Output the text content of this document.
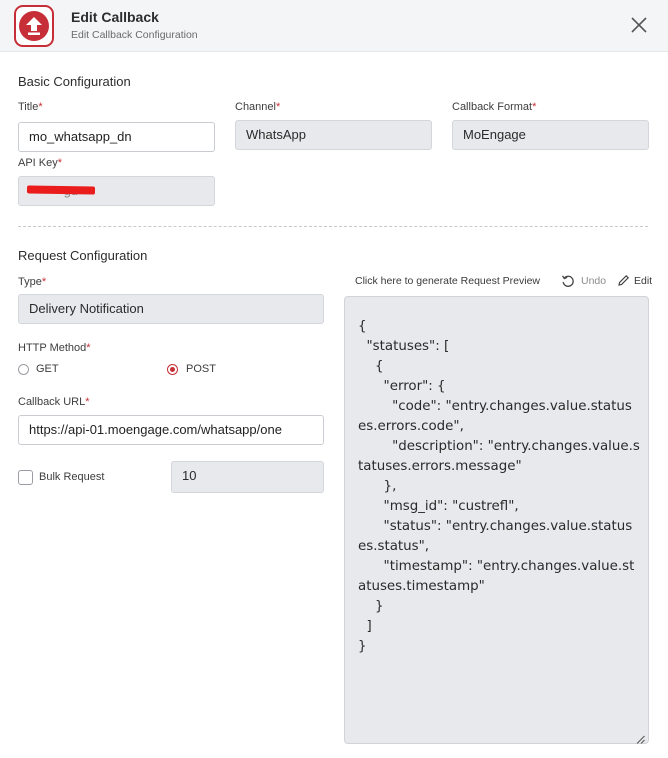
Edit Callback
Edit Callback Configuration
Basic Configuration
Title*
mo_whatsapp_dn
Channel*
WhatsApp
Callback Format*
MoEngage
API Key*
Request Configuration
Type*
Delivery Notification
HTTP Method*
GET	POST
Callback URL*
https://api-01.moengage.com/whatsapp/one
Bulk Request	10
Click here to generate Request Preview	Undo	Edit
{
"statuses": [
{
"error": {
"code": "entry.changes.value.statuses.errors.code",
"description": "entry.changes.value.statuses.errors.message"
},
"msg_id": "custrefl",
"status": "entry.changes.value.statuses.status",
"timestamp": "entry.changes.value.statuses.timestamp"
}
]
}
